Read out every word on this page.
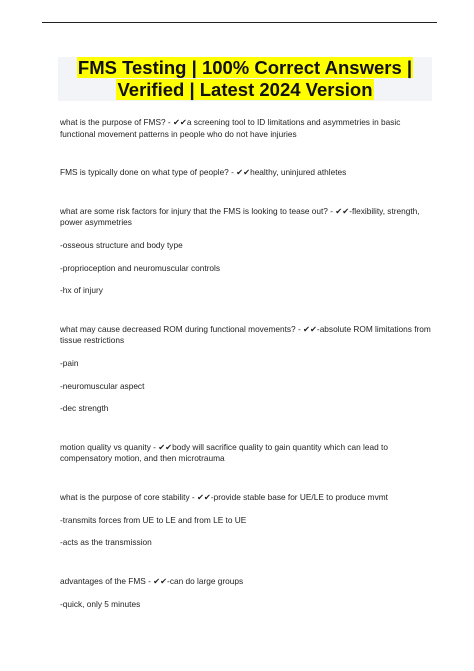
FMS Testing | 100% Correct Answers |
Verified | Latest 2024 Version

what is the purpose of FMS? - ✔✔a screening tool to ID limitations and asymmetries in basic functional movement patterns in people who do not have injuries

FMS is typically done on what type of people? - ✔✔healthy, uninjured athletes

what are some risk factors for injury that the FMS is looking to tease out? - ✔✔-flexibility, strength, power asymmetries

-osseous structure and body type

-proprioception and neuromuscular controls

-hx of injury

what may cause decreased ROM during functional movements? - ✔✔-absolute ROM limitations from tissue restrictions

-pain

-neuromuscular aspect

-dec strength

motion quality vs quanity - ✔✔body will sacrifice quality to gain quantity which can lead to compensatory motion, and then microtrauma

what is the purpose of core stability - ✔✔-provide stable base for UE/LE to produce mvmt

-transmits forces from UE to LE and from LE to UE

-acts as the transmission

advantages of the FMS - ✔✔-can do large groups

-quick, only 5 minutes
